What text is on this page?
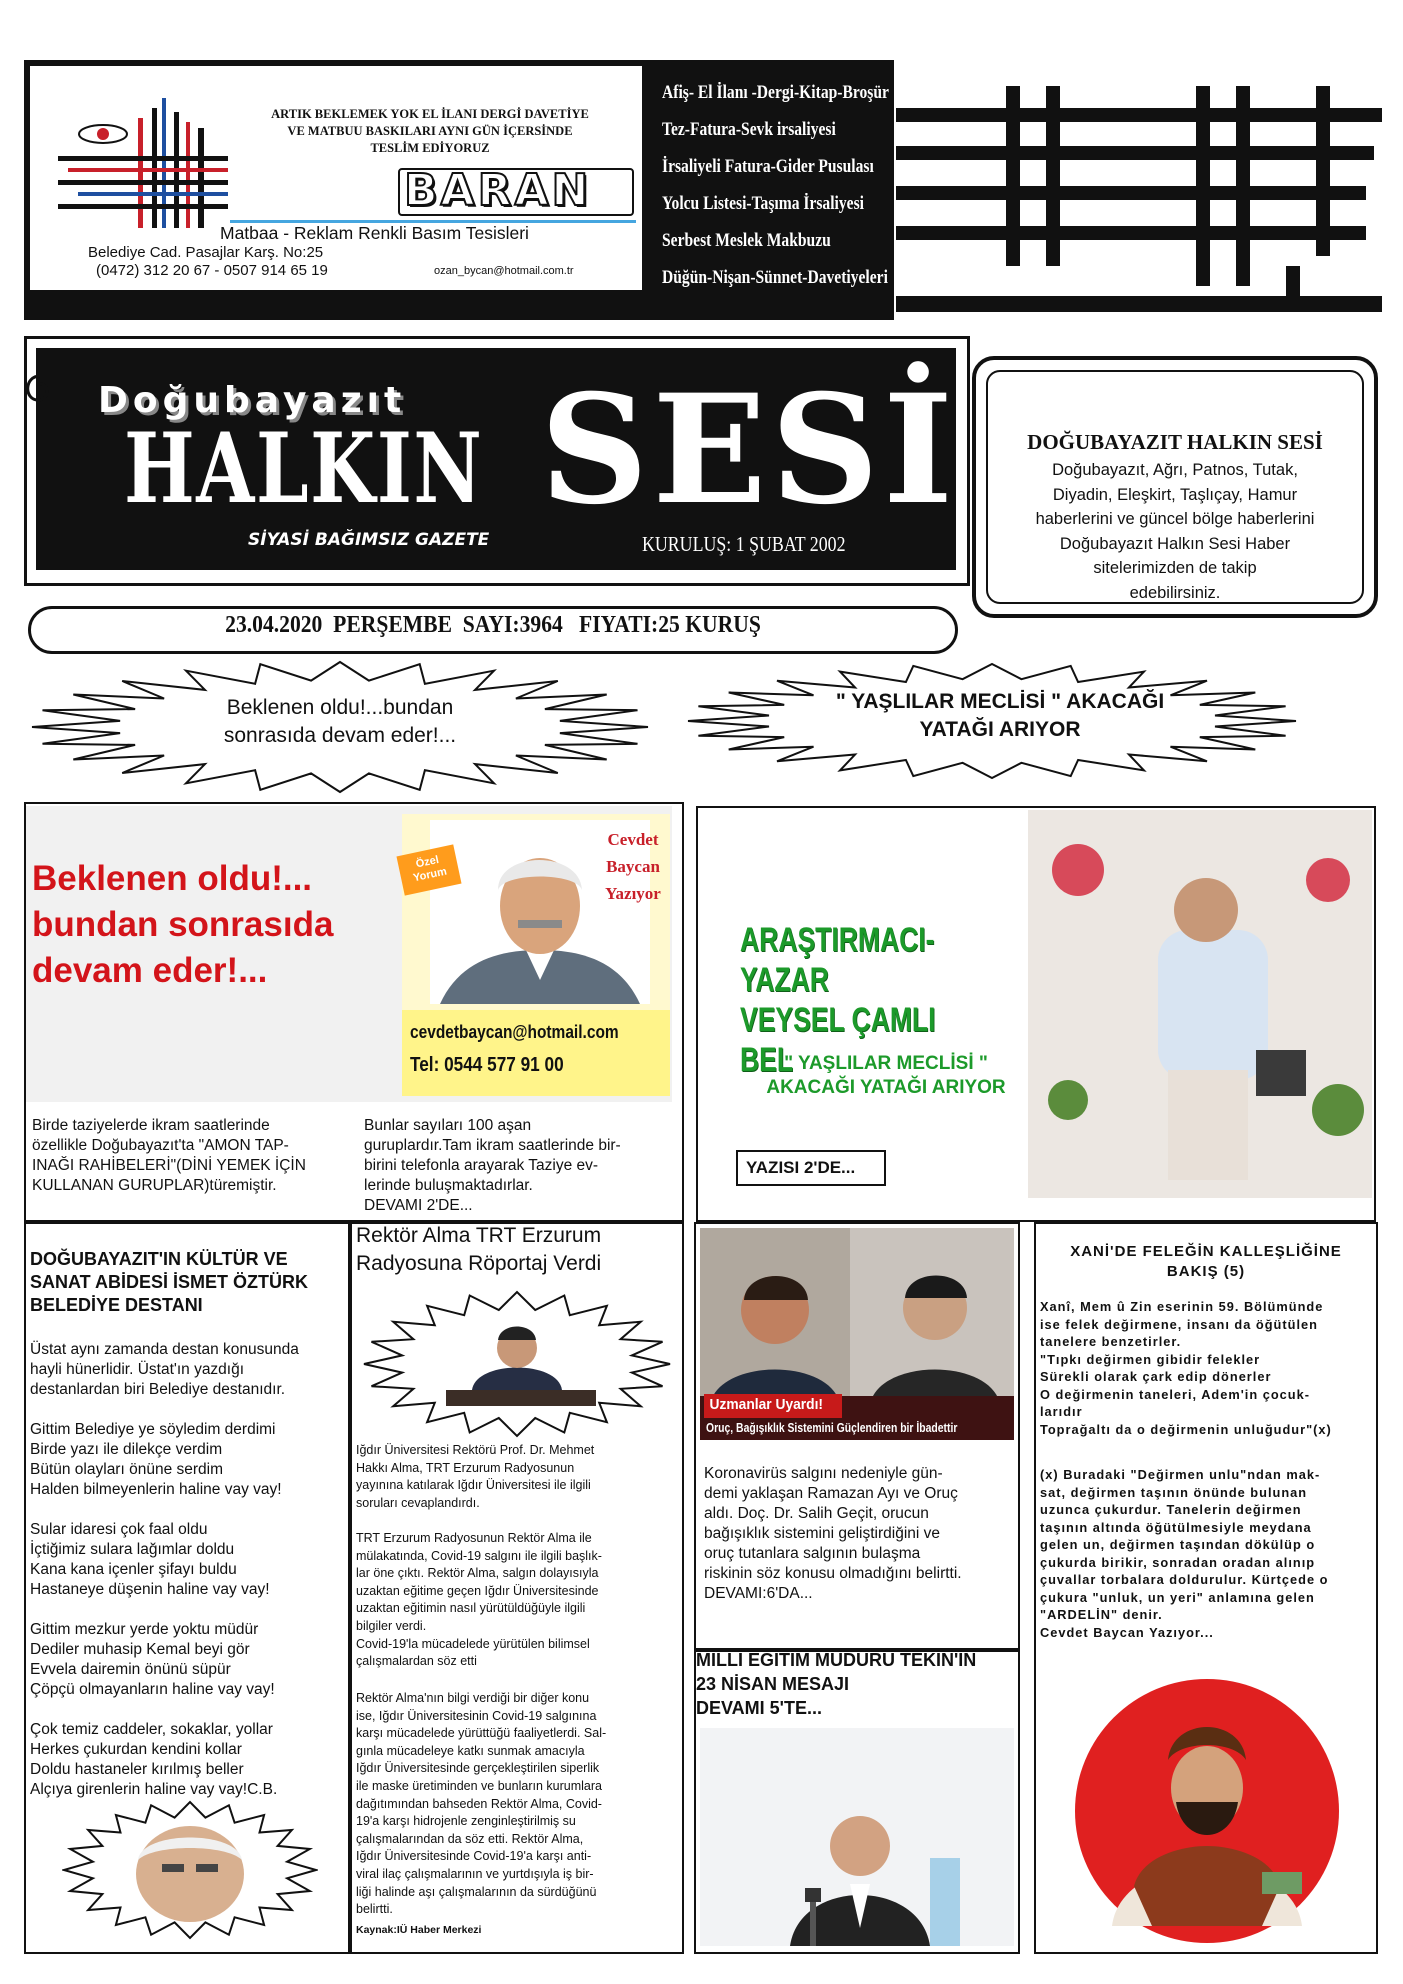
ARTIK BEKLEMEK YOK EL İLANI DERGİ DAVETİYE
VE MATBUU BASKILARI AYNI GÜN İÇERSİNDE
TESLİM EDİYORUZ
BARAN
Matbaa - Reklam Renkli Basım Tesisleri
Belediye Cad. Pasajlar Karş. No:25
(0472) 312 20 67 - 0507 914 65 19	ozan_bycan@hotmail.com.tr
Afiş- El İlanı -Dergi-Kitap-Broşür
Tez-Fatura-Sevk irsaliyesi
İrsaliyeli Fatura-Gider Pusulası
Yolcu Listesi-Taşıma İrsaliyesi
Serbest Meslek Makbuzu
Düğün-Nişan-Sünnet-Davetiyeleri
Doğubayazıt
HALKIN SESİ
SİYASİ BAĞIMSIZ GAZETE	KURULUŞ: 1 ŞUBAT 2002
DOĞUBAYAZIT HALKIN SESİ
Doğubayazıt, Ağrı, Patnos, Tutak,
Diyadin, Eleşkirt, Taşlıçay, Hamur
haberlerini ve güncel bölge haberlerini
Doğubayazıt Halkın Sesi Haber
sitelerimizden de takip
edebilirsiniz.
23.04.2020  PERŞEMBE  SAYI:3964   FIYATI:25 KURUŞ
Beklenen oldu!...bundan
sonrasıda devam eder!...
" YAŞLILAR MECLİSİ " AKACAĞI
YATAĞI ARIYOR
Beklenen oldu!...
bundan sonrasıda
devam eder!...
Özel
Yorum
Cevdet
Baycan
Yazıyor
cevdetbaycan@hotmail.com
Tel: 0544 577 91 00
Birde taziyelerde ikram saatlerinde
özellikle Doğubayazıt'ta "AMON TAP-
INAĞI RAHİBELERİ"(DİNİ YEMEK İÇİN
KULLANAN GURUPLAR)türemiştir.
Bunlar sayıları 100 aşan
guruplardır.Tam ikram saatlerinde bir-
birini telefonla arayarak Taziye ev-
lerinde buluşmaktadırlar.
DEVAMI 2'DE...
ARAŞTIRMACI-YAZAR
VEYSEL ÇAMLI BEL
" YAŞLILAR MECLİSİ "
AKACAĞI YATAĞI ARIYOR
YAZISI 2'DE...
DOĞUBAYAZIT'IN KÜLTÜR VE
SANAT ABİDESİ İSMET ÖZTÜRK
BELEDİYE DESTANI
Üstat aynı zamanda destan konusunda
hayli hünerlidir. Üstat'ın yazdığı
destanlardan biri Belediye destanıdır.
Gittim Belediye ye söyledim derdimi
Birde yazı ile dilekçe verdim
Bütün olayları önüne serdim
Halden bilmeyenlerin haline vay vay!
Sular idaresi çok faal oldu
İçtiğimiz sulara lağımlar doldu
Kana kana içenler şifayı buldu
Hastaneye düşenin haline vay vay!
Gittim mezkur yerde yoktu müdür
Dediler muhasip Kemal beyi gör
Evvela dairemin önünü süpür
Çöpçü olmayanların haline vay vay!
Çok temiz caddeler, sokaklar, yollar
Herkes çukurdan kendini kollar
Doldu hastaneler kırılmış beller
Alçıya girenlerin haline vay vay!C.B.
Rektör Alma TRT Erzurum
Radyosuna Röportaj Verdi
Iğdır Üniversitesi Rektörü Prof. Dr. Mehmet
Hakkı Alma, TRT Erzurum Radyosunun
yayınına katılarak Iğdır Üniversitesi ile ilgili
soruları cevaplandırdı.
TRT Erzurum Radyosunun Rektör Alma ile
mülakatında, Covid-19 salgını ile ilgili başlık-
lar öne çıktı. Rektör Alma, salgın dolayısıyla
uzaktan eğitime geçen Iğdır Üniversitesinde
uzaktan eğitimin nasıl yürütüldüğüyle ilgili
bilgiler verdi.
Covid-19'la mücadelede yürütülen bilimsel
çalışmalardan söz etti
Rektör Alma'nın bilgi verdiği bir diğer konu
ise, Iğdır Üniversitesinin Covid-19 salgınına
karşı mücadelede yürüttüğü faaliyetlerdi. Sal-
gınla mücadeleye katkı sunmak amacıyla
Iğdır Üniversitesinde gerçekleştirilen siperlik
ile maske üretiminden ve bunların kurumlara
dağıtımından bahseden Rektör Alma, Covid-
19'a karşı hidrojenle zenginleştirilmiş su
çalışmalarından da söz etti. Rektör Alma,
Iğdır Üniversitesinde Covid-19'a karşı anti-
viral ilaç çalışmalarının ve yurtdışıyla iş bir-
liği halinde aşı çalışmalarının da sürdüğünü
belirtti.
Kaynak:IÜ Haber Merkezi
Uzmanlar Uyardı!
Oruç, Bağışıklık Sistemini Güçlendiren bir İbadettir
Koronavirüs salgını nedeniyle gün-
demi yaklaşan Ramazan Ayı ve Oruç
aldı. Doç. Dr. Salih Geçit, orucun
bağışıklık sistemini geliştirdiğini ve
oruç tutanlara salgının bulaşma
riskinin söz konusu olmadığını belirtti.
DEVAMI:6'DA...
MİLLİ EĞİTİM MÜDÜRÜ TEKİN'İN
23 NİSAN MESAJI
DEVAMI 5'TE...
XANİ'DE FELEĞİN KALLEŞLİĞİNE
BAKIŞ (5)
Xanî, Mem û Zin eserinin 59. Bölümünde
ise felek değirmene, insanı da öğütülen
tanelere benzetirler.
"Tıpkı değirmen gibidir felekler
Sürekli olarak çark edip dönerler
O değirmenin taneleri, Adem'in çocuk-
larıdır
Toprağaltı da o değirmenin unluğudur"(x)
(x) Buradaki "Değirmen unlu"ndan mak-
sat, değirmen taşının önünde bulunan
uzunca çukurdur. Tanelerin değirmen
taşının altında öğütülmesiyle meydana
gelen un, değirmen taşından dökülüp o
çukurda birikir, sonradan oradan alınıp
çuvallar torbalara doldurulur. Kürtçede o
çukura "unluk, un yeri" anlamına gelen
"ARDELİN" denir.
Cevdet Baycan Yazıyor...
